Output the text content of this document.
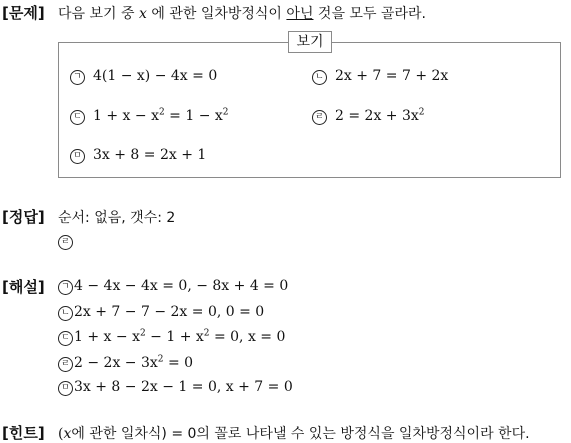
[문제] 다음 보기 중 x 에 관한 일차방정식이 아닌 것을 모두 골라라.
보기
ㄱ 4(1 − x) − 4x = 0	ㄴ 2x + 7 = 7 + 2x
ㄷ $1 + x - x^2 = 1 - x^2$	ㄹ $2 = 2x + 3x^2$
ㅁ 3x + 8 = 2x + 1
[정답] 순서: 없음, 갯수: 2
ㄹ
[해설]	ㄱ 4 − 4x − 4x = 0, − 8x + 4 = 0
ㄴ 2x + 7 − 7 − 2x = 0, 0 = 0
ㄷ $1 + x - x^2 - 1 + x^2 = 0$, x = 0
ㄹ $2 - 2x - 3x^2 = 0$
ㅁ 3x + 8 − 2x − 1 = 0, x + 7 = 0
[힌트] (x에 관한 일차식) = 0의 꼴로 나타낼 수 있는 방정식을 일차방정식이라 한다.
